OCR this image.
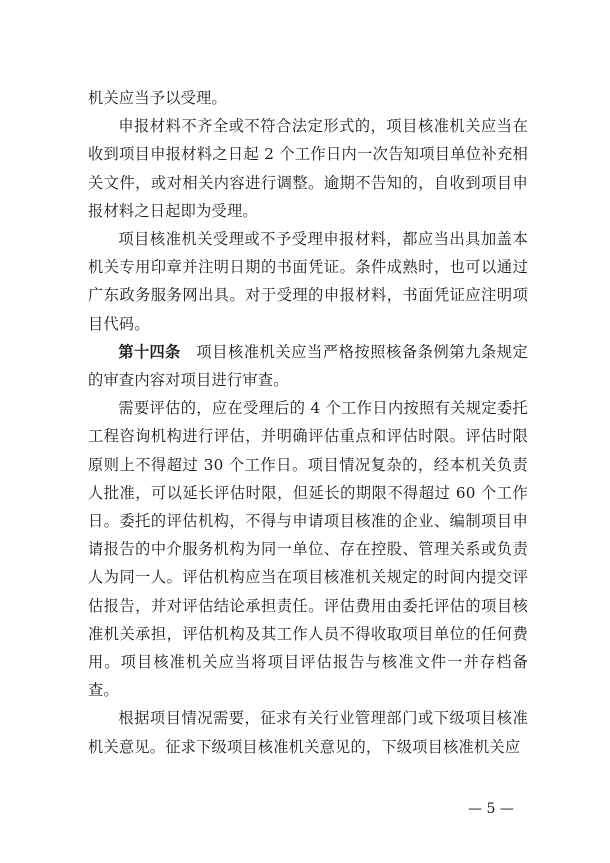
机关应当予以受理。

申报材料不齐全或不符合法定形式的，项目核准机关应当在收到项目申报材料之日起 2 个工作日内一次告知项目单位补充相关文件，或对相关内容进行调整。逾期不告知的，自收到项目申报材料之日起即为受理。

项目核准机关受理或不予受理申报材料，都应当出具加盖本机关专用印章并注明日期的书面凭证。条件成熟时，也可以通过广东政务服务网出具。对于受理的申报材料，书面凭证应注明项目代码。

第十四条　项目核准机关应当严格按照核备条例第九条规定的审查内容对项目进行审查。

需要评估的，应在受理后的 4 个工作日内按照有关规定委托工程咨询机构进行评估，并明确评估重点和评估时限。评估时限原则上不得超过 30 个工作日。项目情况复杂的，经本机关负责人批准，可以延长评估时限，但延长的期限不得超过 60 个工作日。委托的评估机构，不得与申请项目核准的企业、编制项目申请报告的中介服务机构为同一单位、存在控股、管理关系或负责人为同一人。评估机构应当在项目核准机关规定的时间内提交评估报告，并对评估结论承担责任。评估费用由委托评估的项目核准机关承担，评估机构及其工作人员不得收取项目单位的任何费用。项目核准机关应当将项目评估报告与核准文件一并存档备查。

根据项目情况需要，征求有关行业管理部门或下级项目核准机关意见。征求下级项目核准机关意见的，下级项目核准机关应

— 5 —
